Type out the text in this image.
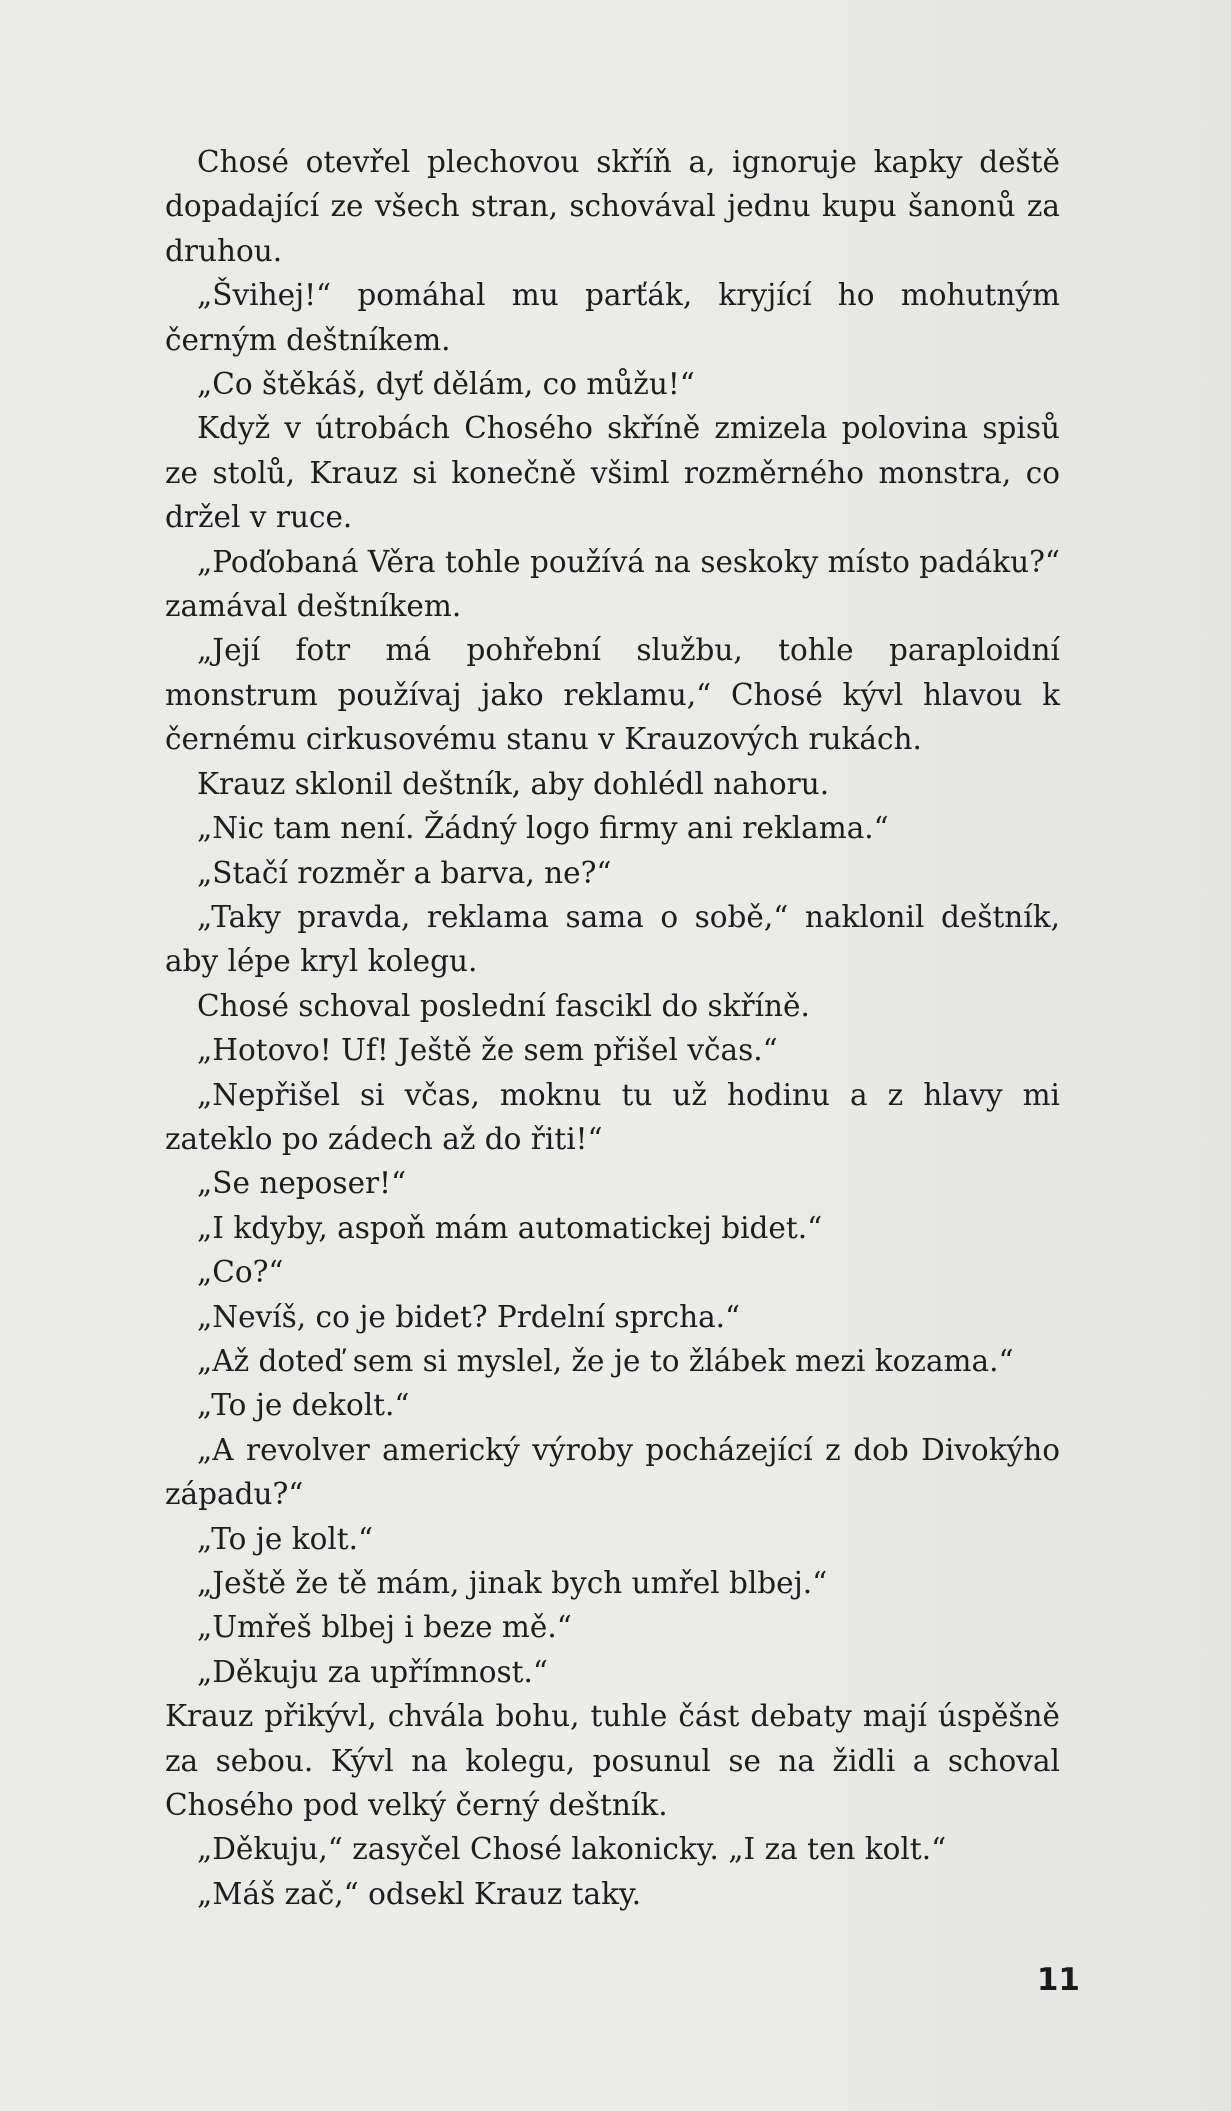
Chosé otevřel plechovou skříň a, ignoruje kapky deště dopadající ze všech stran, schovával jednu kupu šanonů za druhou.

„Švihej!“ pomáhal mu parťák, kryjící ho mohutným černým deštníkem.

„Co štěkáš, dyť dělám, co můžu!“

Když v útrobách Chosého skříně zmizela polovina spisů ze stolů, Krauz si konečně všiml rozměrného monstra, co držel v ruce.

„Poďobaná Věra tohle používá na seskoky místo padáku?“ zamával deštníkem.

„Její fotr má pohřební službu, tohle paraploidní monstrum používaj jako reklamu,“ Chosé kývl hlavou k černému cirkusovému stanu v Krauzových rukách.

Krauz sklonil deštník, aby dohlédl nahoru.

„Nic tam není. Žádný logo firmy ani reklama.“

„Stačí rozměr a barva, ne?“

„Taky pravda, reklama sama o sobě,“ naklonil deštník, aby lépe kryl kolegu.

Chosé schoval poslední fascikl do skříně.

„Hotovo! Uf! Ještě že sem přišel včas.“

„Nepřišel si včas, moknu tu už hodinu a z hlavy mi zateklo po zádech až do řiti!“

„Se neposer!“

„I kdyby, aspoň mám automatickej bidet.“

„Co?“

„Nevíš, co je bidet? Prdelní sprcha.“

„Až doteď sem si myslel, že je to žlábek mezi kozama.“

„To je dekolt.“

„A revolver americký výroby pocházející z dob Divokýho západu?“

„To je kolt.“

„Ještě že tě mám, jinak bych umřel blbej.“

„Umřeš blbej i beze mě.“

„Děkuju za upřímnost.“

Krauz přikývl, chvála bohu, tuhle část debaty mají úspěšně za sebou. Kývl na kolegu, posunul se na židli a schoval Chosého pod velký černý deštník.

„Děkuju,“ zasyčel Chosé lakonicky. „I za ten kolt.“

„Máš zač,“ odsekl Krauz taky.

11
